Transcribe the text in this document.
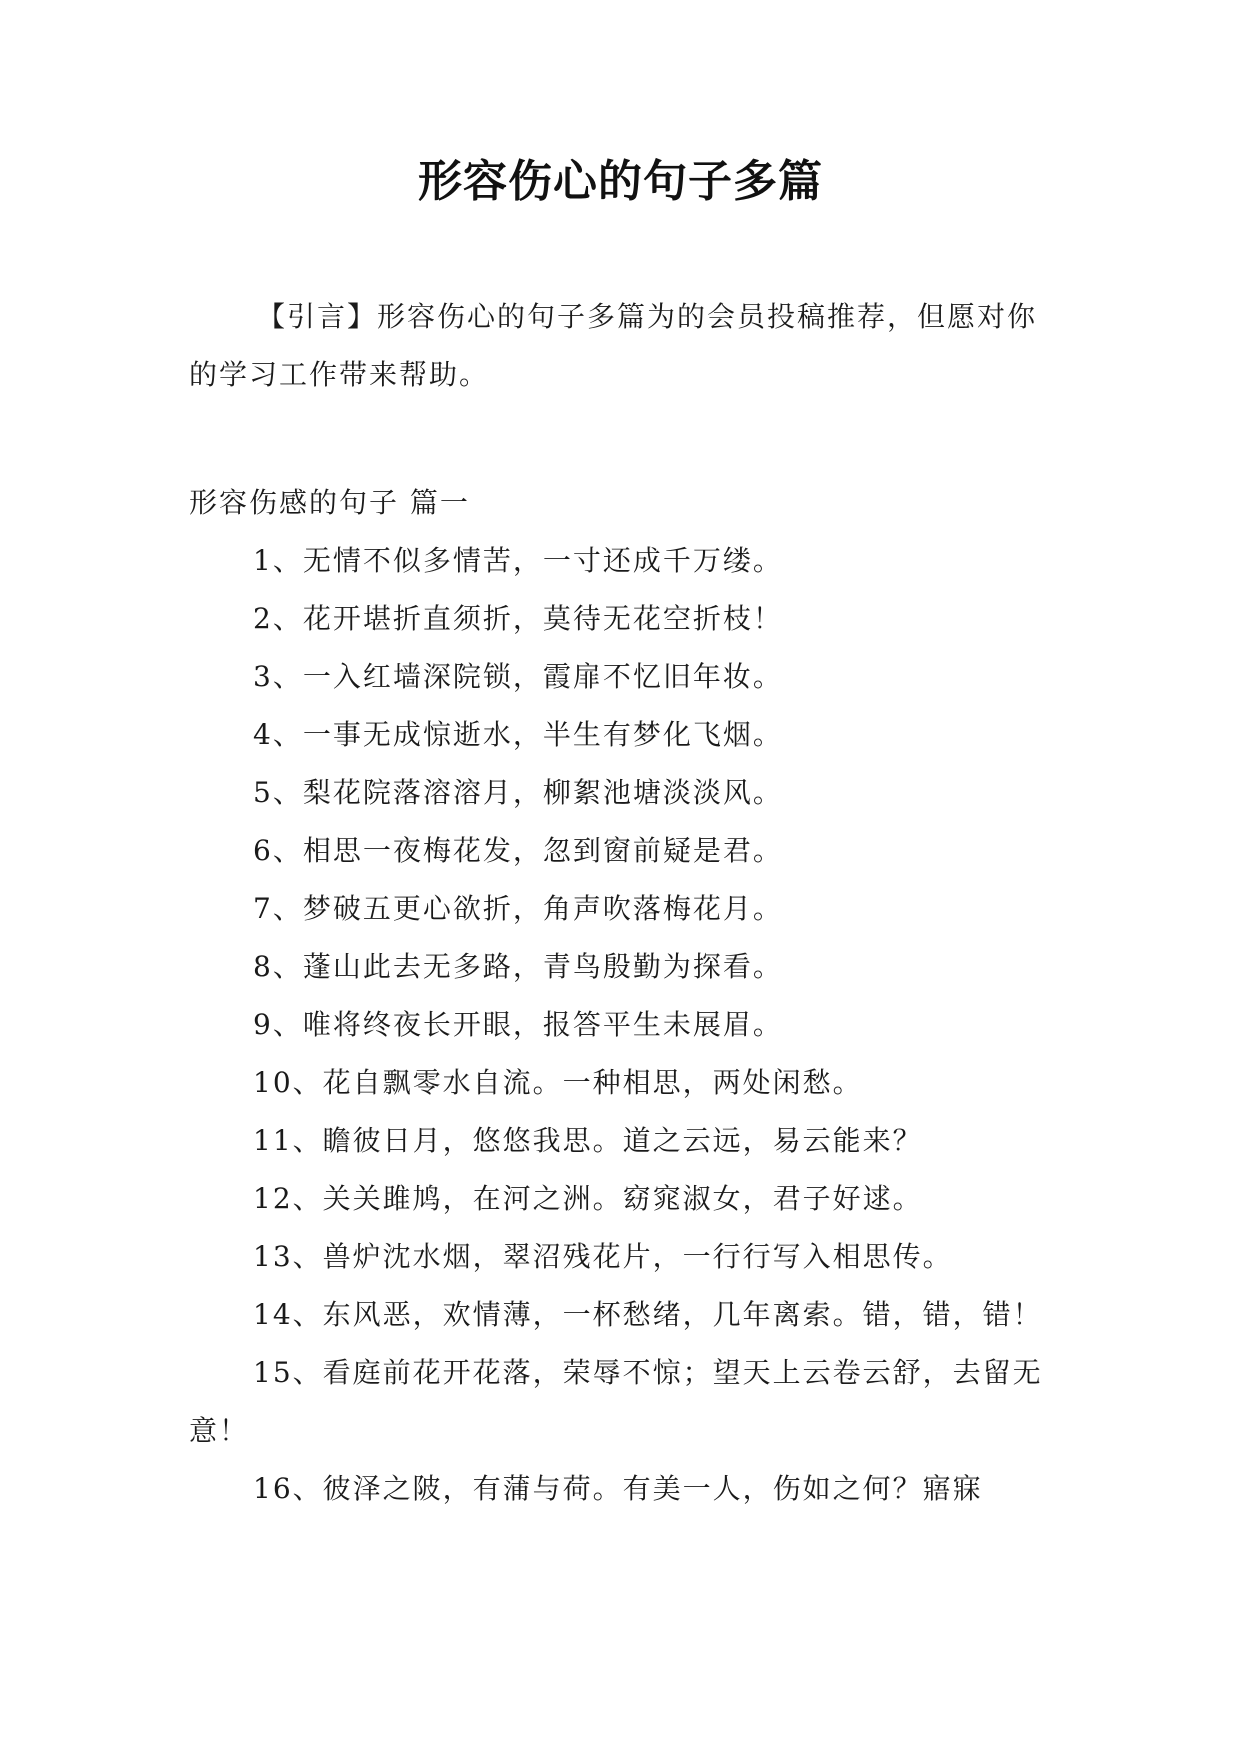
形容伤心的句子多篇

【引言】形容伤心的句子多篇为的会员投稿推荐，但愿对你的学习工作带来帮助。

形容伤感的句子 篇一

1、无情不似多情苦，一寸还成千万缕。
2、花开堪折直须折，莫待无花空折枝！
3、一入红墙深院锁，霞扉不忆旧年妆。
4、一事无成惊逝水，半生有梦化飞烟。
5、梨花院落溶溶月，柳絮池塘淡淡风。
6、相思一夜梅花发，忽到窗前疑是君。
7、梦破五更心欲折，角声吹落梅花月。
8、蓬山此去无多路，青鸟殷勤为探看。
9、唯将终夜长开眼，报答平生未展眉。
10、花自飘零水自流。一种相思，两处闲愁。
11、瞻彼日月，悠悠我思。道之云远，易云能来？
12、关关雎鸠，在河之洲。窈窕淑女，君子好逑。
13、兽炉沈水烟，翠沼残花片，一行行写入相思传。
14、东风恶，欢情薄，一杯愁绪，几年离索。错，错，错！
15、看庭前花开花落，荣辱不惊；望天上云卷云舒，去留无意！
16、彼泽之陂，有蒲与荷。有美一人，伤如之何？寤寐
